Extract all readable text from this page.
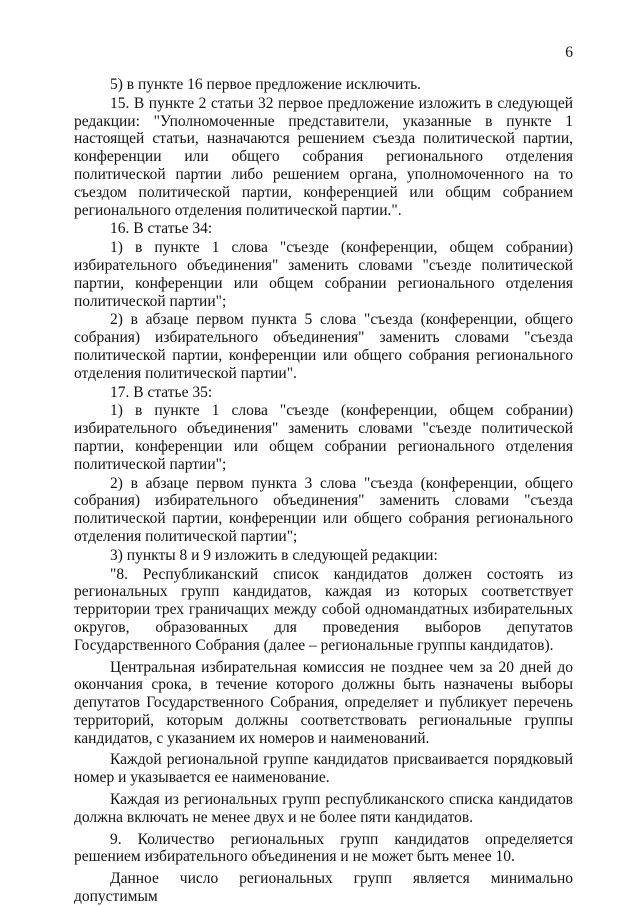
6

5) в пункте 16 первое предложение исключить.

15. В пункте 2 статьи 32 первое предложение изложить в следующей редакции: "Уполномоченные представители, указанные в пункте 1 настоящей статьи, назначаются решением съезда политической партии, конференции или общего собрания регионального отделения политической партии либо решением органа, уполномоченного на то съездом политической партии, конференцией или общим собранием регионального отделения политической партии.".

16. В статье 34:

1) в пункте 1 слова "съезде (конференции, общем собрании) избирательного объединения" заменить словами "съезде политической партии, конференции или общем собрании регионального отделения политической партии";

2) в абзаце первом пункта 5 слова "съезда (конференции, общего собрания) избирательного объединения" заменить словами "съезда политической партии, конференции или общего собрания регионального отделения политической партии".

17. В статье 35:

1) в пункте 1 слова "съезде (конференции, общем собрании) избирательного объединения" заменить словами "съезде политической партии, конференции или общем собрании регионального отделения политической партии";

2) в абзаце первом пункта 3 слова "съезда (конференции, общего собрания) избирательного объединения" заменить словами "съезда политической партии, конференции или общего собрания регионального отделения политической партии";

3) пункты 8 и 9 изложить в следующей редакции:

"8. Республиканский список кандидатов должен состоять из региональных групп кандидатов, каждая из которых соответствует территории трех граничащих между собой одномандатных избирательных округов, образованных для проведения выборов депутатов Государственного Собрания (далее – региональные группы кандидатов).

Центральная избирательная комиссия не позднее чем за 20 дней до окончания срока, в течение которого должны быть назначены выборы депутатов Государственного Собрания, определяет и публикует перечень территорий, которым должны соответствовать региональные группы кандидатов, с указанием их номеров и наименований.

Каждой региональной группе кандидатов присваивается порядковый номер и указывается ее наименование.

Каждая из региональных групп республиканского списка кандидатов должна включать не менее двух и не более пяти кандидатов.

9. Количество региональных групп кандидатов определяется решением избирательного объединения и не может быть менее 10.

Данное число региональных групп является минимально допустимым
